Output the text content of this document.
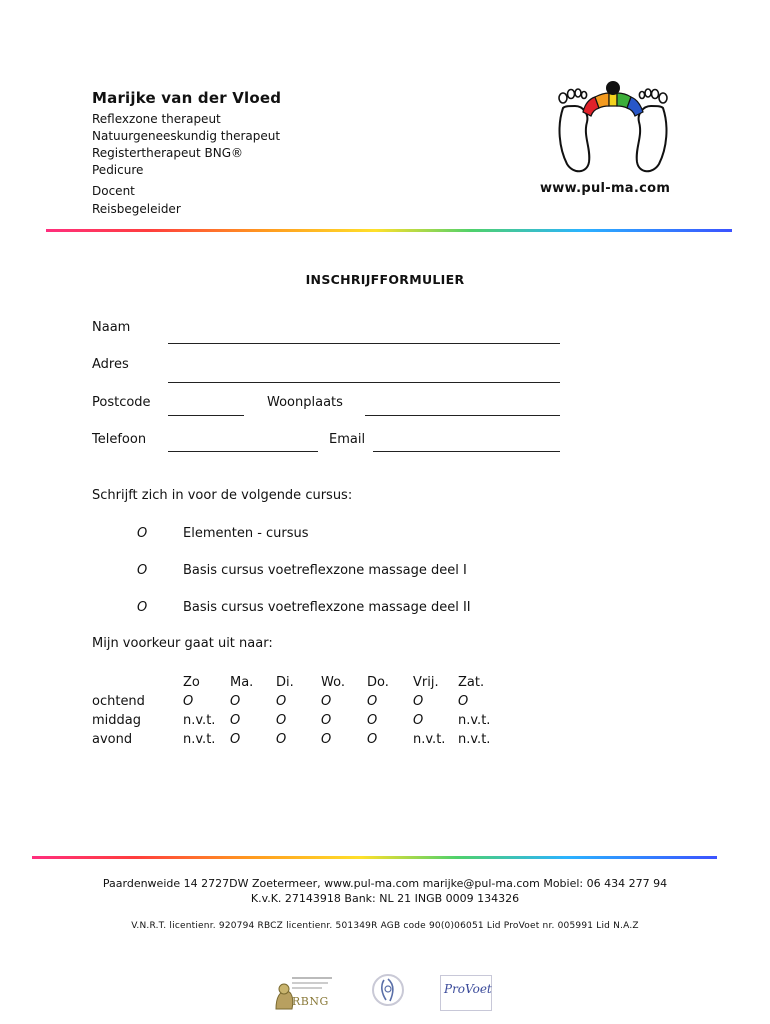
Marijke van der Vloed
Reflexzone therapeut
Natuurgeneeskundig therapeut
Registertherapeut BNG®
Pedicure
Docent
Reisbegeleider
www.pul-ma.com
INSCHRIJFFORMULIER
Naam
Adres
Postcode	Woonplaats
Telefoon	Email
Schrijft zich in voor de volgende cursus:
O	Elementen - cursus
O	Basis cursus voetreflexzone massage deel I
O	Basis cursus voetreflexzone massage deel II
Mijn voorkeur gaat uit naar:
Zo Ma. Di. Wo. Do. Vrij. Zat.
ochtend	O	O	O	O	O	O	O
middag	n.v.t. O	O	O	O	O	n.v.t.
avond	n.v.t. O	O	O	O	n.v.t. n.v.t.
Paardenweide 14 2727DW Zoetermeer, www.pul-ma.com marijke@pul-ma.com Mobiel: 06 434 277 94
K.v.K. 27143918 Bank: NL 21 INGB 0009 134326
V.N.R.T. licentienr. 920794 RBCZ licentienr. 501349R AGB code 90(0)06051 Lid ProVoet nr. 005991 Lid N.A.Z
RBNG
ProVoet
